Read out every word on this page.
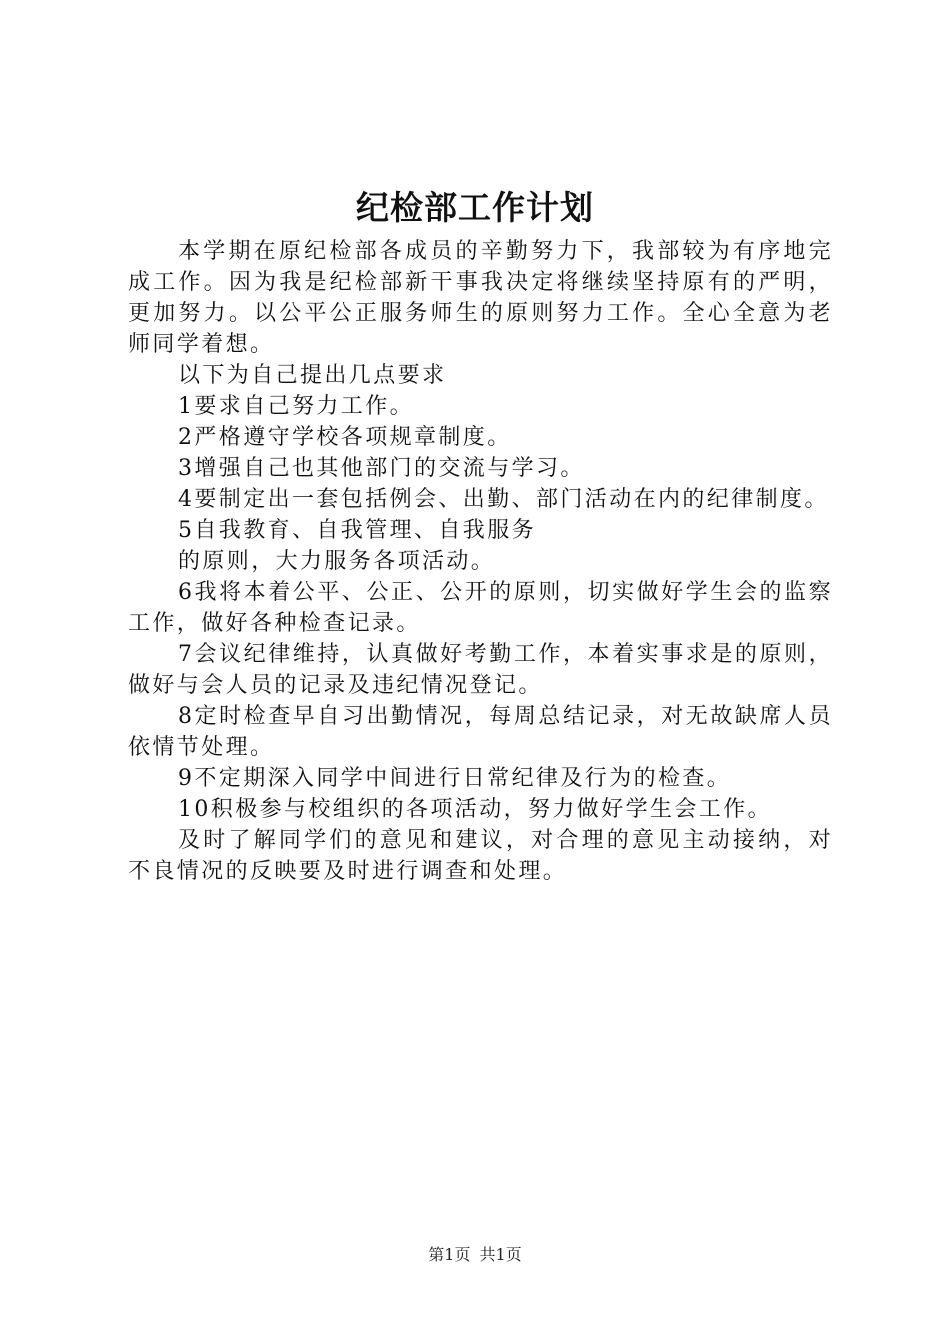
纪检部工作计划

本学期在原纪检部各成员的辛勤努力下，我部较为有序地完成工作。因为我是纪检部新干事我决定将继续坚持原有的严明，更加努力。以公平公正服务师生的原则努力工作。全心全意为老师同学着想。

以下为自己提出几点要求

1要求自己努力工作。

2严格遵守学校各项规章制度。

3增强自己也其他部门的交流与学习。

4要制定出一套包括例会、出勤、部门活动在内的纪律制度。

5自我教育、自我管理、自我服务

的原则，大力服务各项活动。

6我将本着公平、公正、公开的原则，切实做好学生会的监察工作，做好各种检查记录。

7会议纪律维持，认真做好考勤工作，本着实事求是的原则，做好与会人员的记录及违纪情况登记。

8定时检查早自习出勤情况，每周总结记录，对无故缺席人员依情节处理。

9不定期深入同学中间进行日常纪律及行为的检查。

10积极参与校组织的各项活动，努力做好学生会工作。

及时了解同学们的意见和建议，对合理的意见主动接纳，对不良情况的反映要及时进行调查和处理。

第1页 共1页
